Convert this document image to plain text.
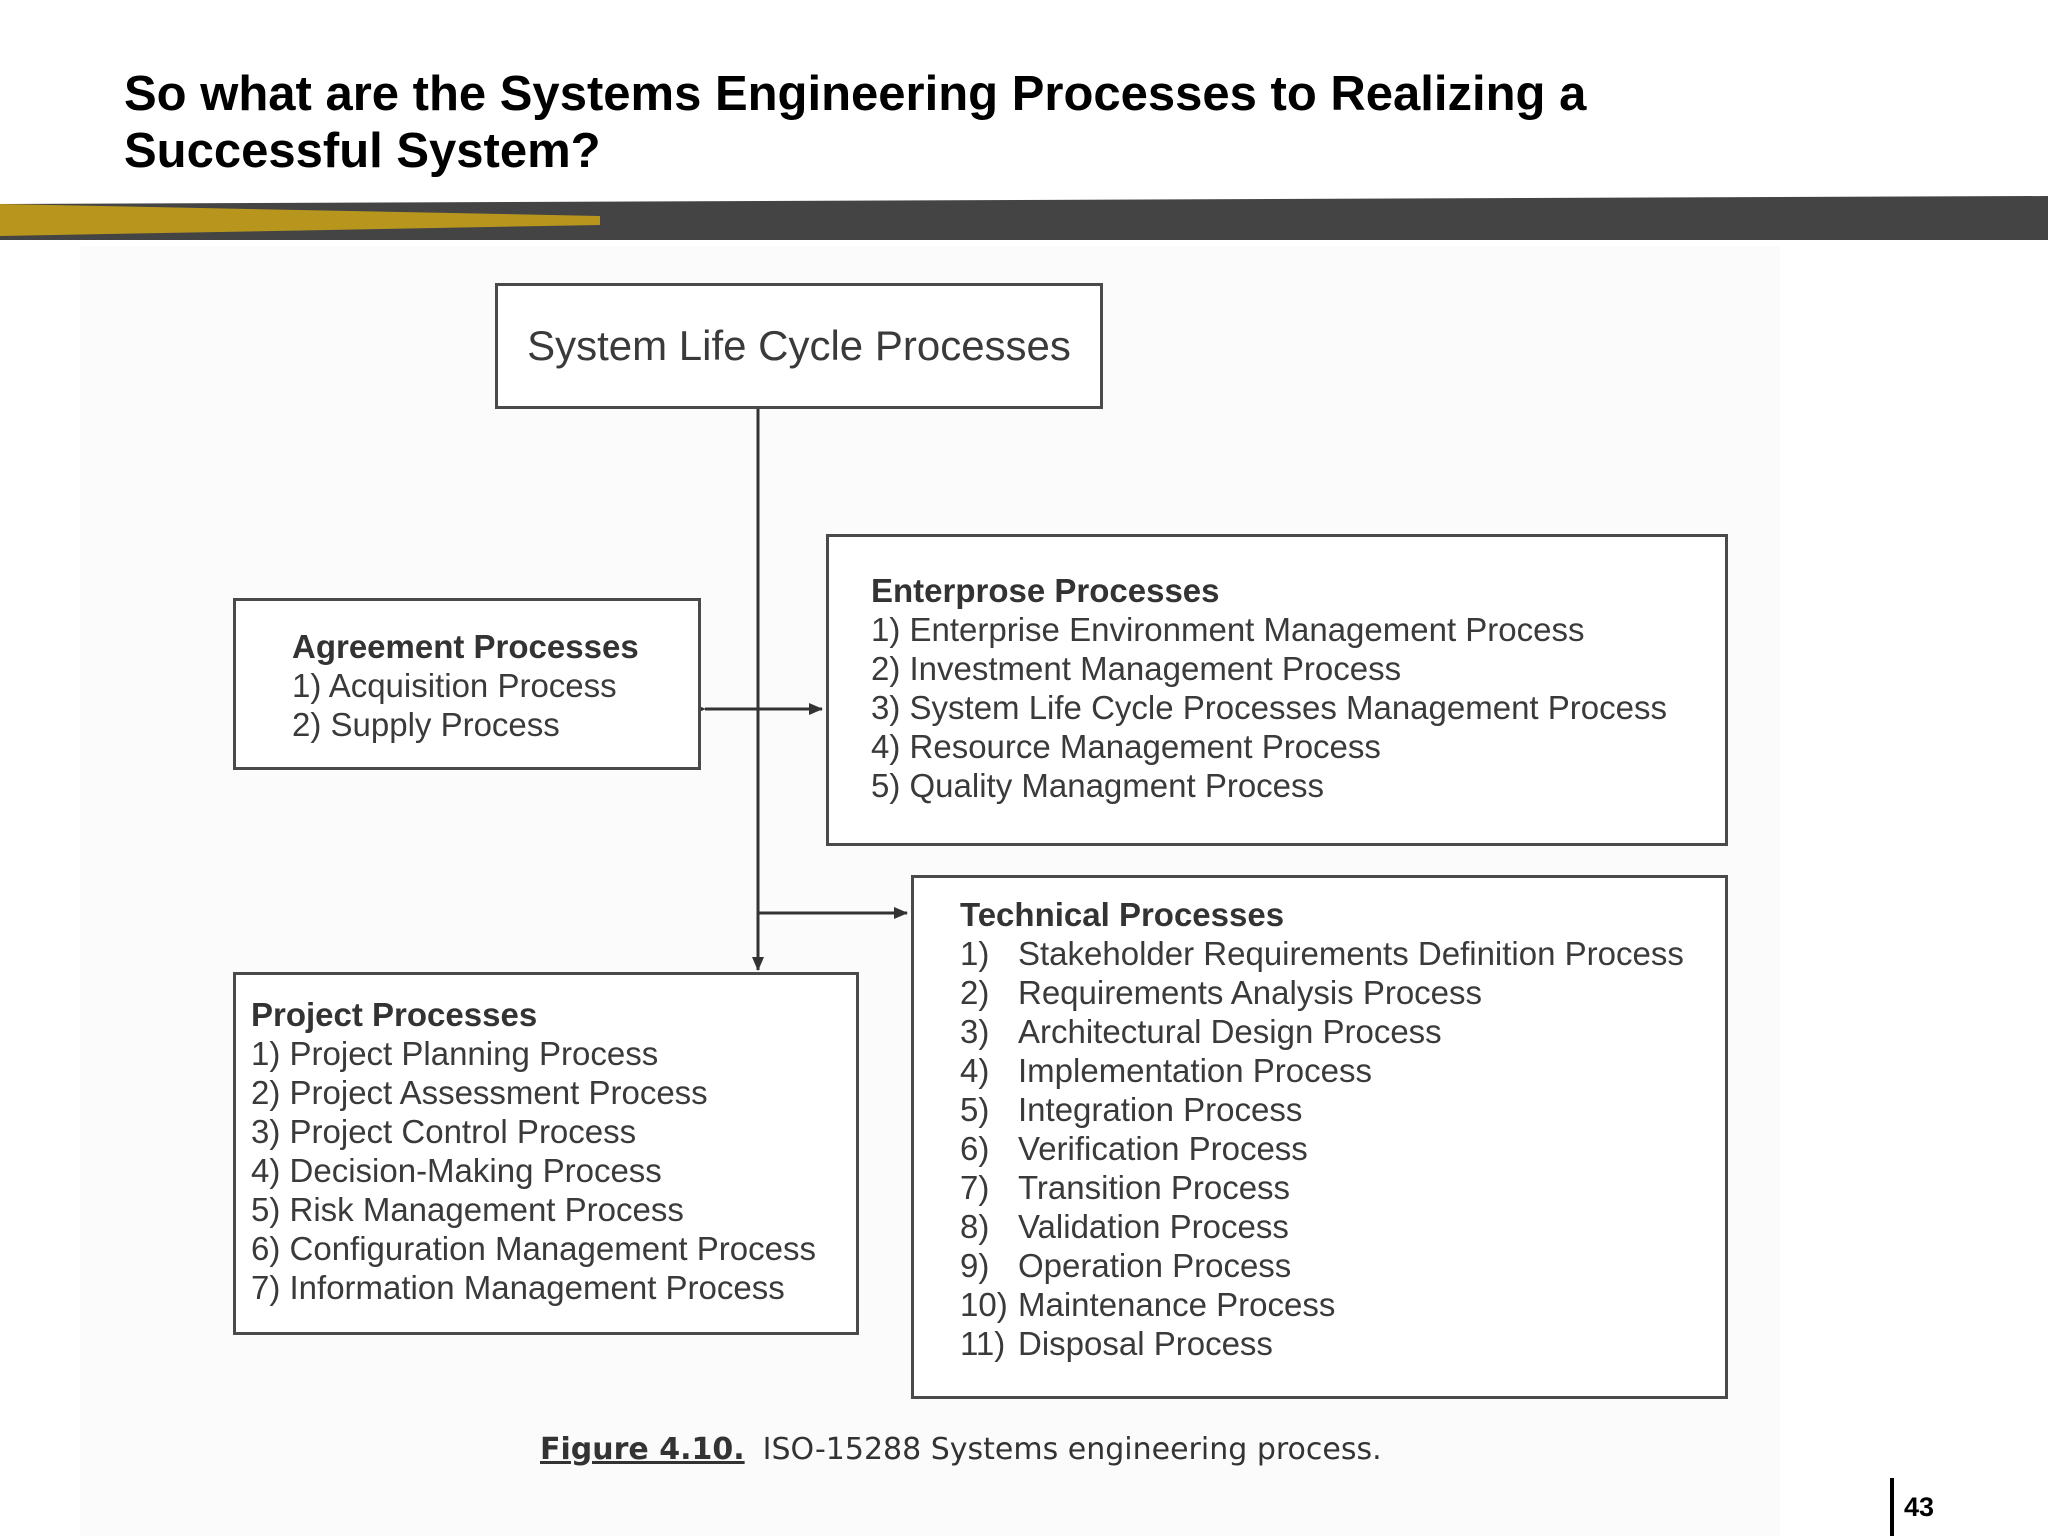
So what are the Systems Engineering Processes to Realizing a Successful System?
System Life Cycle Processes
Agreement Processes
1) Acquisition Process
2) Supply Process
Enterprose Processes
1) Enterprise Environment Management Process
2) Investment Management Process
3) System Life Cycle Processes Management Process
4) Resource Management Process
5) Quality Managment Process
Project Processes
1) Project Planning Process
2) Project Assessment Process
3) Project Control Process
4) Decision-Making Process
5) Risk Management Process
6) Configuration Management Process
7) Information Management Process
Technical Processes
1) Stakeholder Requirements Definition Process
2) Requirements Analysis Process
3) Architectural Design Process
4) Implementation Process
5) Integration Process
6) Verification Process
7) Transition Process
8) Validation Process
9) Operation Process
10) Maintenance Process
11) Disposal Process
Figure 4.10. ISO-15288 Systems engineering process.
43
